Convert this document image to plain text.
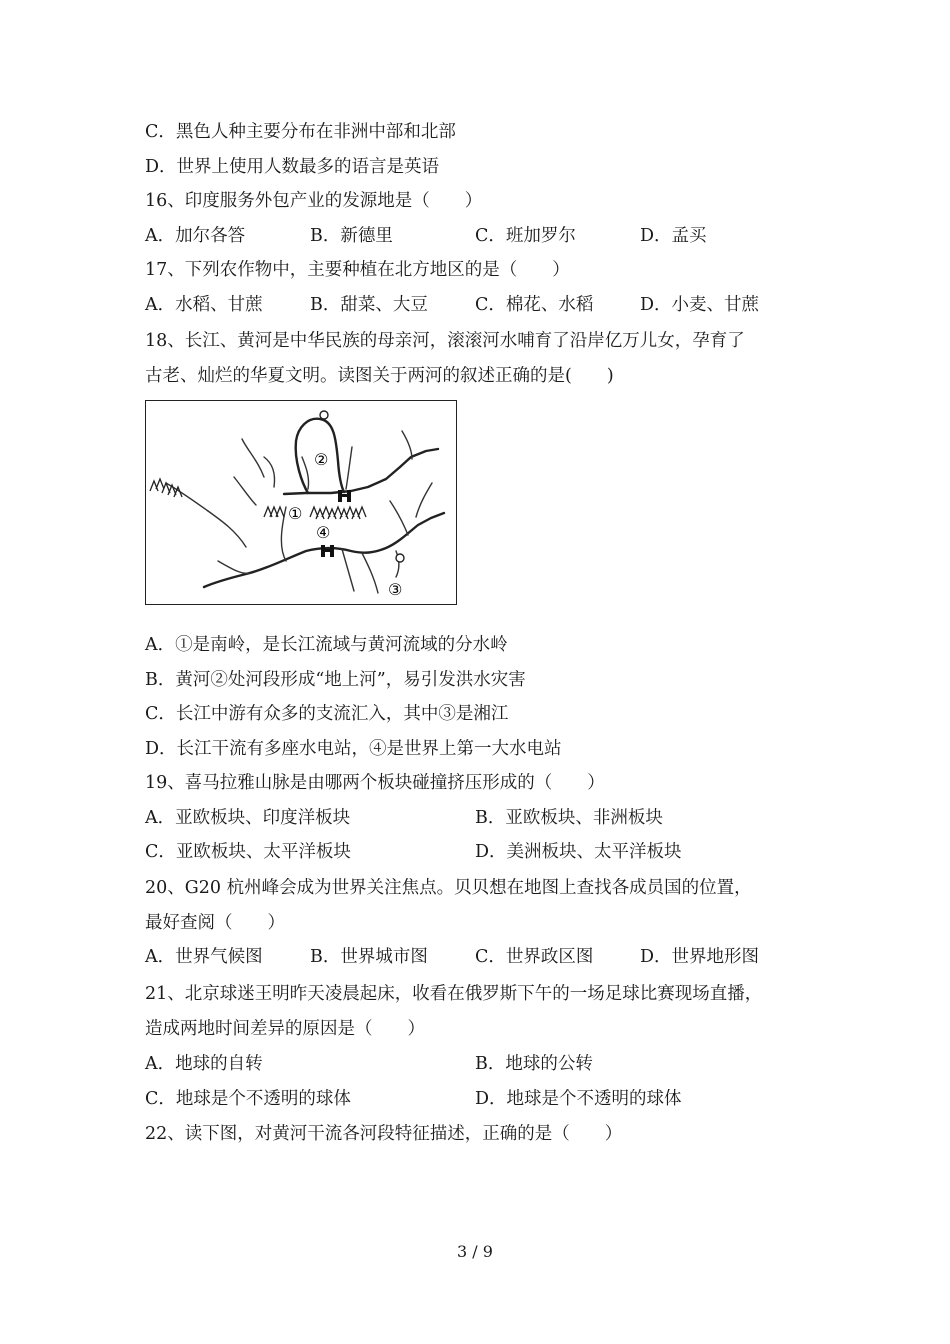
C．黑色人种主要分布在非洲中部和北部
D．世界上使用人数最多的语言是英语
16、印度服务外包产业的发源地是（　　）
A．加尔各答	B．新德里	C．班加罗尔	D．孟买
17、下列农作物中，主要种植在北方地区的是（　　）
A．水稻、甘蔗	B．甜菜、大豆	C．棉花、水稻	D．小麦、甘蔗
18、长江、黄河是中华民族的母亲河，滚滚河水哺育了沿岸亿万儿女，孕育了
古老、灿烂的华夏文明。读图关于两河的叙述正确的是(　　)
②
①
④
③
A．①是南岭，是长江流域与黄河流域的分水岭
B．黄河②处河段形成“地上河”，易引发洪水灾害
C．长江中游有众多的支流汇入，其中③是湘江
D．长江干流有多座水电站，④是世界上第一大水电站
19、喜马拉雅山脉是由哪两个板块碰撞挤压形成的（　　）
A．亚欧板块、印度洋板块	B．亚欧板块、非洲板块
C．亚欧板块、太平洋板块	D．美洲板块、太平洋板块
20、G20 杭州峰会成为世界关注焦点。贝贝想在地图上查找各成员国的位置，
最好查阅（　　）
A．世界气候图	B．世界城市图	C．世界政区图	D．世界地形图
21、北京球迷王明昨天凌晨起床，收看在俄罗斯下午的一场足球比赛现场直播，
造成两地时间差异的原因是（　　）
A．地球的自转	B．地球的公转
C．地球是个不透明的球体	D．地球是个不透明的球体
22、读下图，对黄河干流各河段特征描述，正确的是（　　）
3 / 9
